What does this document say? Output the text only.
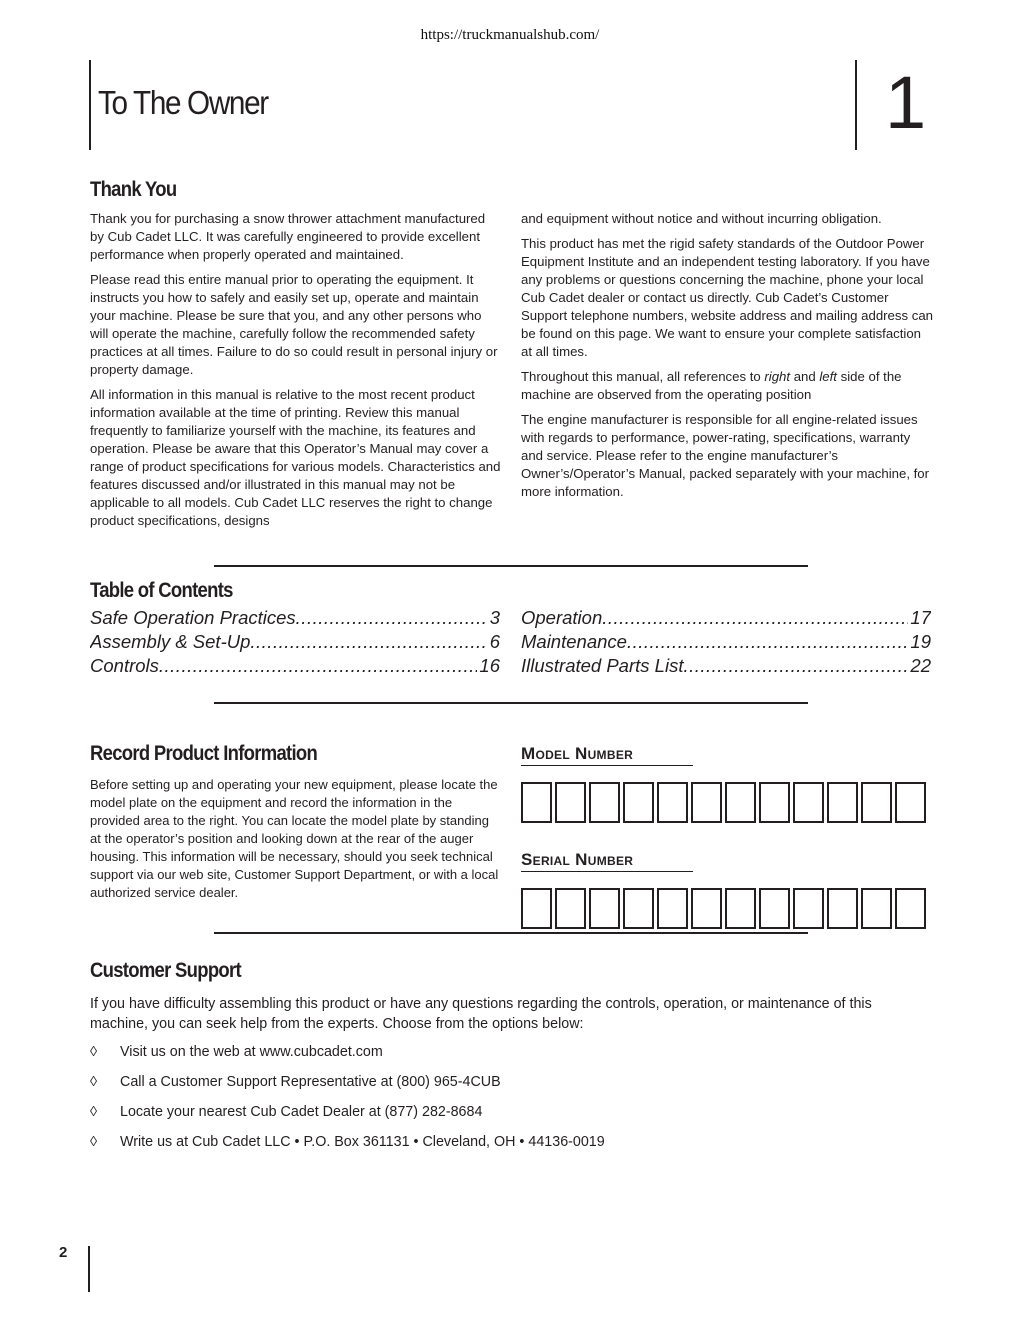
https://truckmanualshub.com/
To The Owner	1
Thank You

Thank you for purchasing a snow thrower attachment manufactured by Cub Cadet LLC. It was carefully engineered to provide excellent performance when properly operated and maintained.

Please read this entire manual prior to operating the equipment. It instructs you how to safely and easily set up, operate and maintain your machine. Please be sure that you, and any other persons who will operate the machine, carefully follow the recommended safety practices at all times. Failure to do so could result in personal injury or property damage.

All information in this manual is relative to the most recent product information available at the time of printing. Review this manual frequently to familiarize yourself with the machine, its features and operation. Please be aware that this Operator’s Manual may cover a range of product specifications for various models. Characteristics and features discussed and/or illustrated in this manual may not be applicable to all models. Cub Cadet LLC reserves the right to change product specifications, designs

and equipment without notice and without incurring obligation.

This product has met the rigid safety standards of the Outdoor Power Equipment Institute and an independent testing laboratory. If you have any problems or questions concerning the machine, phone your local Cub Cadet dealer or contact us directly. Cub Cadet’s Customer Support telephone numbers, website address and mailing address can be found on this page. We want to ensure your complete satisfaction at all times.

Throughout this manual, all references to right and left side of the machine are observed from the operating position

The engine manufacturer is responsible for all engine-related issues with regards to performance, power-rating, specifications, warranty and service. Please refer to the engine manufacturer’s Owner’s/Operator’s Manual, packed separately with your machine, for more information.

Table of Contents
Safe Operation Practices .....	3
Assembly & Set-Up .....	6
Controls .....	16
Operation .....	17
Maintenance .....	19
Illustrated Parts List .....	22
Record Product Information
Before setting up and operating your new equipment, please locate the model plate on the equipment and record the information in the provided area to the right. You can locate the model plate by standing at the operator’s position and looking down at the rear of the auger housing. This information will be necessary, should you seek technical support via our web site, Customer Support Department, or with a local authorized service dealer.
Model Number
Serial Number
Customer Support
If you have difficulty assembling this product or have any questions regarding the controls, operation, or maintenance of this machine, you can seek help from the experts. Choose from the options below:
◊ Visit us on the web at www.cubcadet.com
◊ Call a Customer Support Representative at (800) 965-4CUB
◊ Locate your nearest Cub Cadet Dealer at (877) 282-8684
◊ Write us at Cub Cadet LLC • P.O. Box 361131 • Cleveland, OH • 44136-0019
2
